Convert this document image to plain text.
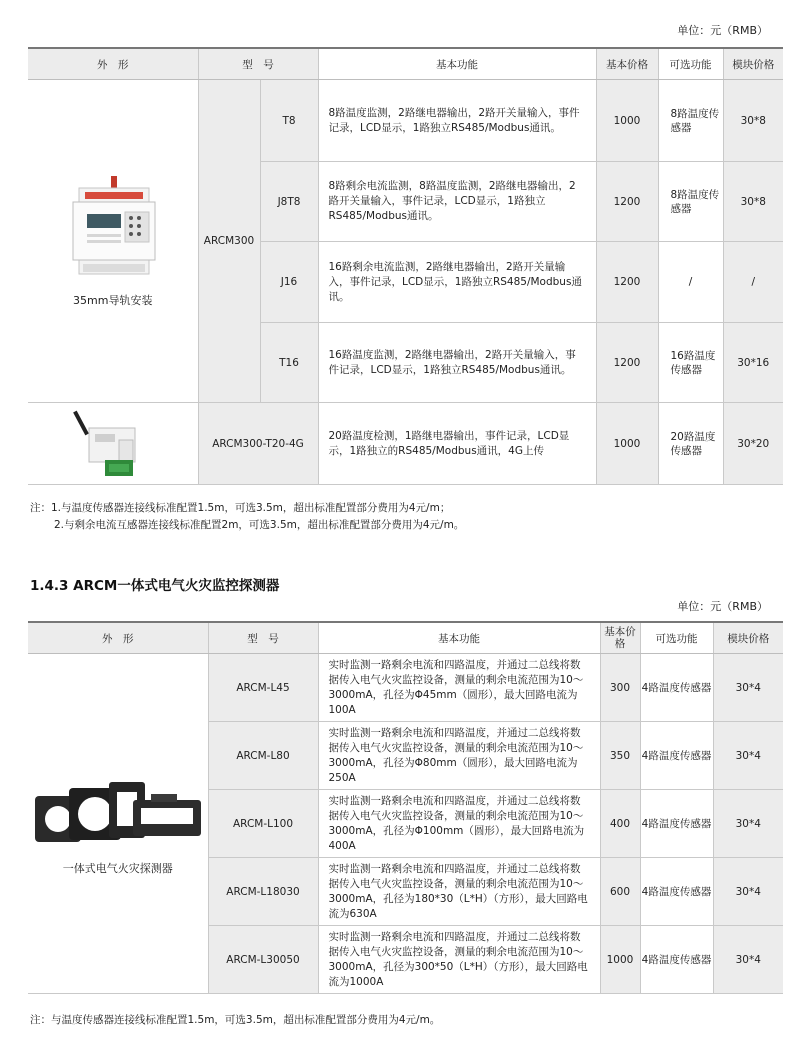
单位：元（RMB）
外　形	型　号		基本功能	基本价格	可选功能	模块价格

35mm导轨安装	ARCM300	T8	8路温度监测，2路继电器输出，2路开关量输入，事件记录，LCD显示，1路独立RS485/Modbus通讯。	1000	8路温度传感器	30*8
		J8T8	8路剩余电流监测，8路温度监测，2路继电器输出，2路开关量输入，事件记录，LCD显示，1路独立RS485/Modbus通讯。	1200	8路温度传感器	30*8
		J16	16路剩余电流监测，2路继电器输出，2路开关量输入，事件记录，LCD显示，1路独立RS485/Modbus通讯。	1200	/	/
		T16	16路温度监测，2路继电器输出，2路开关量输入，事件记录，LCD显示，1路独立RS485/Modbus通讯。	1200	16路温度传感器	30*16

	ARCM300-T20-4G		20路温度检测，1路继电器输出，事件记录，LCD显示，1路独立的RS485/Modbus通讯，4G上传	1000	20路温度传感器	30*20
注：1.与温度传感器连接线标准配置1.5m，可选3.5m，超出标准配置部分费用为4元/m；
2.与剩余电流互感器连接线标准配置2m，可选3.5m，超出标准配置部分费用为4元/m。
1.4.3 ARCM一体式电气火灾监控探测器
单位：元（RMB）
外　形	型　号	基本功能	基本价格	可选功能	模块价格

一体式电气火灾探测器	ARCM-L45	实时监测一路剩余电流和四路温度，并通过二总线将数据传入电气火灾监控设备，测量的剩余电流范围为10～3000mA，孔径为Φ45mm（圆形），最大回路电流为100A	300	4路温度传感器	30*4
	ARCM-L80	实时监测一路剩余电流和四路温度，并通过二总线将数据传入电气火灾监控设备，测量的剩余电流范围为10～3000mA，孔径为Φ80mm（圆形），最大回路电流为250A	350	4路温度传感器	30*4
	ARCM-L100	实时监测一路剩余电流和四路温度，并通过二总线将数据传入电气火灾监控设备，测量的剩余电流范围为10～3000mA，孔径为Φ100mm（圆形），最大回路电流为400A	400	4路温度传感器	30*4
	ARCM-L18030	实时监测一路剩余电流和四路温度，并通过二总线将数据传入电气火灾监控设备，测量的剩余电流范围为10～3000mA，孔径为180*30（L*H）（方形），最大回路电流为630A	600	4路温度传感器	30*4
	ARCM-L30050	实时监测一路剩余电流和四路温度，并通过二总线将数据传入电气火灾监控设备，测量的剩余电流范围为10～3000mA，孔径为300*50（L*H）（方形），最大回路电流为1000A	1000	4路温度传感器	30*4
注：与温度传感器连接线标准配置1.5m，可选3.5m，超出标准配置部分费用为4元/m。
